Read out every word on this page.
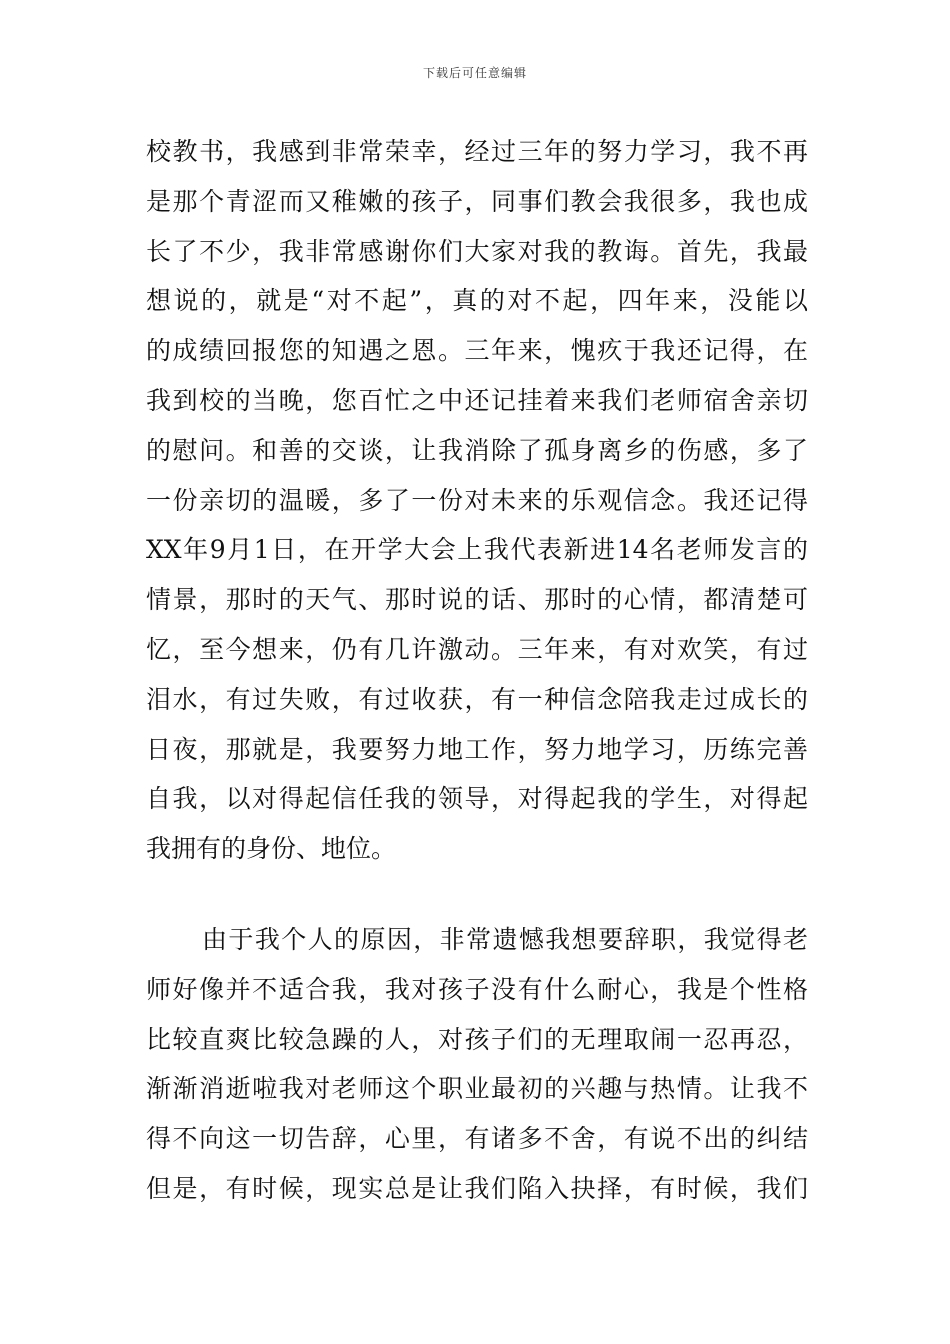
下载后可任意编辑
校教书，我感到非常荣幸，经过三年的努力学习，我不再
是那个青涩而又稚嫩的孩子，同事们教会我很多，我也成
长了不少，我非常感谢你们大家对我的教诲。首先，我最
想说的，就是“对不起”，真的对不起，四年来，没能以
的成绩回报您的知遇之恩。三年来，愧疚于我还记得，在
我到校的当晚，您百忙之中还记挂着来我们老师宿舍亲切
的慰问。和善的交谈，让我消除了孤身离乡的伤感，多了
一份亲切的温暖，多了一份对未来的乐观信念。我还记得
XX年9月1日，在开学大会上我代表新进14名老师发言的
情景，那时的天气、那时说的话、那时的心情，都清楚可
忆，至今想来，仍有几许激动。三年来，有对欢笑，有过
泪水，有过失败，有过收获，有一种信念陪我走过成长的
日夜，那就是，我要努力地工作，努力地学习，历练完善
自我，以对得起信任我的领导，对得起我的学生，对得起
我拥有的身份、地位。
由于我个人的原因，非常遗憾我想要辞职，我觉得老
师好像并不适合我，我对孩子没有什么耐心，我是个性格
比较直爽比较急躁的人，对孩子们的无理取闹一忍再忍，
渐渐消逝啦我对老师这个职业最初的兴趣与热情。让我不
得不向这一切告辞，心里，有诸多不舍，有说不出的纠结
但是，有时候，现实总是让我们陷入抉择，有时候，我们
